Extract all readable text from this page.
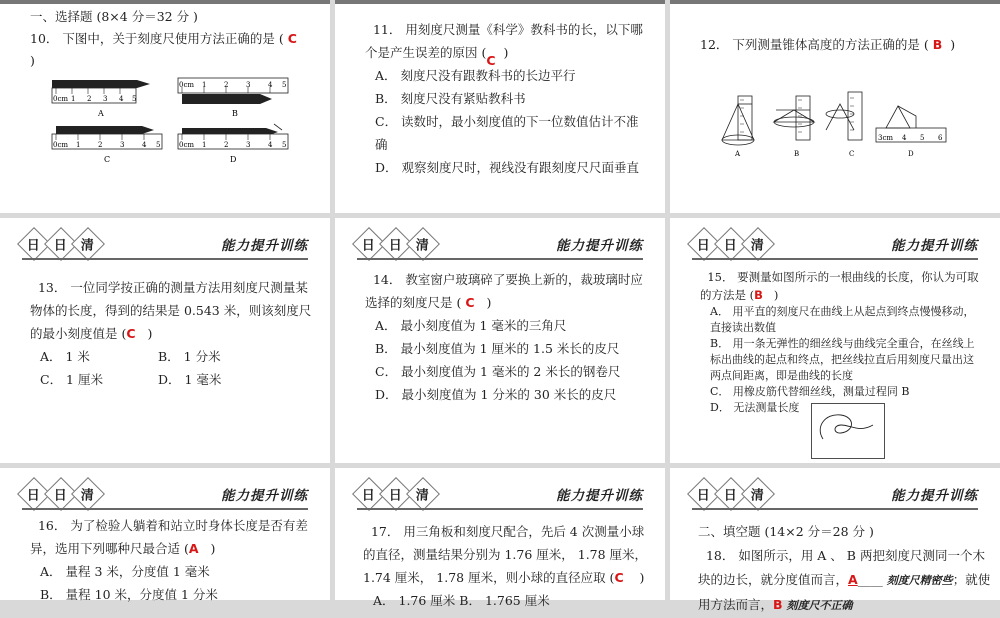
一、选择题 (8×4 分＝32 分 )

10． 下图中，关于刻度尺使用方法正确的是 ( C

)

0cm 1 2 3 4 5
A
0cm 1	2	3	4 5
B
0cm 1	2	3	4 5
C
0cm 1	2	3	4 5
D

11． 用刻度尺测量《科学》教科书的长，以下哪个是产生误差的原因 (C  )

A． 刻度尺没有跟教科书的长边平行

B． 刻度尺没有紧贴教科书

C． 读数时，最小刻度值的下一位数值估计不准确

D． 观察刻度尺时，视线没有跟刻度尺尺面垂直

12． 下列测量锥体高度的方法正确的是 ( B )

3cm 4 5 6
A	B	C	D
日 日 清	能力提升训练

13． 一位同学按正确的测量方法用刻度尺测量某物体的长度，得到的结果是 0.543 米，则该刻度尺的最小刻度值是 (C )

A． 1 米	B． 1 分米

C． 1 厘米	D． 1 毫米

日 日 清	能力提升训练

14． 教室窗户玻璃碎了要换上新的，裁玻璃时应选择的刻度尺是 ( C )

A． 最小刻度值为 1 毫米的三角尺

B． 最小刻度值为 1 厘米的 1.5 米长的皮尺

C． 最小刻度值为 1 毫米的 2 米长的钢卷尺

D． 最小刻度值为 1 分米的 30 米长的皮尺

日 日 清	能力提升训练

15． 要测量如图所示的一根曲线的长度，你认为可取的方法是 (B )

A． 用平直的刻度尺在曲线上从起点到终点慢慢移动，直接读出数值

B． 用一条无弹性的细丝线与曲线完全重合，在丝线上标出曲线的起点和终点，把丝线拉直后用刻度尺量出这两点间距离，即是曲线的长度

C． 用橡皮筋代替细丝线，测量过程同 B

D． 无法测量长度

日 日 清	能力提升训练

16． 为了检验人躺着和站立时身体长度是否有差异，选用下列哪种尺最合适 (A )

A． 量程 3 米，分度值 1 毫米

B． 量程 10 米，分度值 1 分米

日 日 清	能力提升训练

17． 用三角板和刻度尺配合，先后 4 次测量小球的直径，测量结果分别为 1.76 厘米， 1.78 厘米， 1.74 厘米， 1.78 厘米，则小球的直径应取 (C )

A． 1.76 厘米 B． 1.765 厘米

日 日 清	能力提升训练

二、填空题 (14×2 分＝28 分 )

18． 如图所示，用 A 、 B 两把刻度尺测同一个木块的边长，就分度值而言，A____ 刻度尺精密些；就使用方法而言，B 刻度尺不正确
